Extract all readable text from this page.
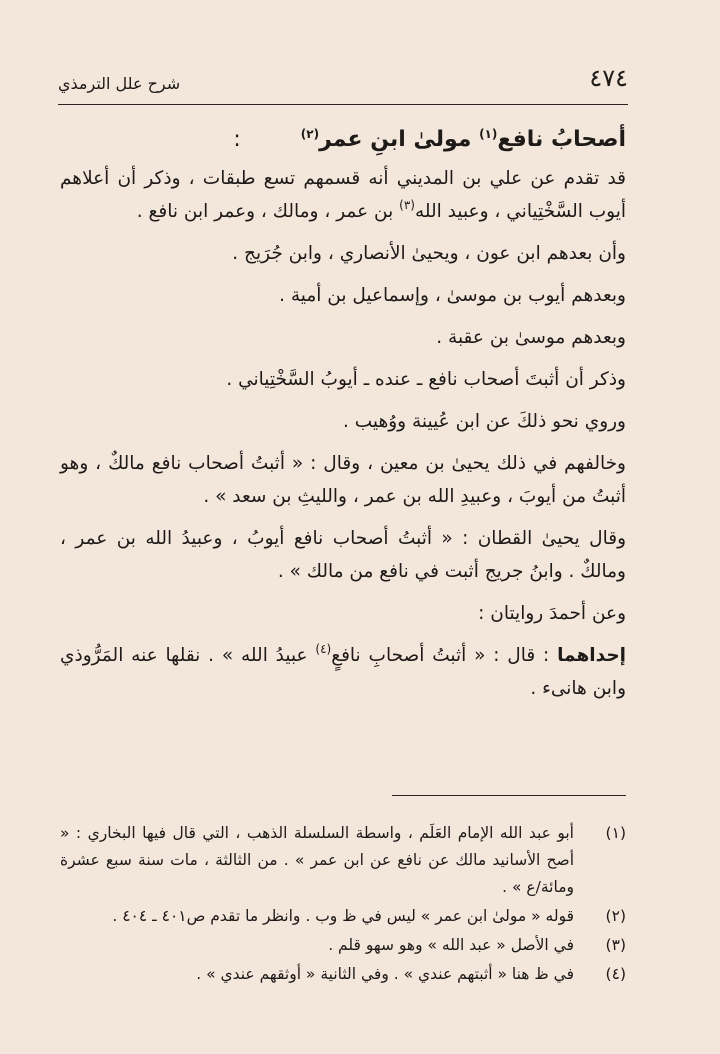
٤٧٤
شرح علل الترمذي
أصحابُ نافع$^{(١)}$ مولىٰ ابنِ عمر$^{(٢)}$:

قد تقدم عن علي بن المديني أنه قسمهم تسع طبقات ، وذكر أن أعلاهم أيوب السَّخْتِياني ، وعبيد الله$^{(٣)}$ بن عمر ، ومالك ، وعمر ابن نافع .

وأن بعدهم ابن عون ، ويحيىٰ الأنصاري ، وابن جُرَيج .

وبعدهم أيوب بن موسىٰ ، وإسماعيل بن أمية .

وبعدهم موسىٰ بن عقبة .

وذكر أن أثبتَ أصحاب نافع ـ عنده ـ أيوبُ السَّخْتِياني .

وروي نحو ذلكَ عن ابن عُيينة ووُهيب .

وخالفهم في ذلك يحيىٰ بن معين ، وقال : « أثبتُ أصحاب نافع مالكٌ ، وهو أثبتُ من أيوبَ ، وعبيدِ الله بن عمر ، والليثِ بن سعد » .

وقال يحيىٰ القطان : « أثبتُ أصحاب نافع أيوبُ ، وعبيدُ الله بن عمر ، ومالكٌ . وابنُ جريج أثبت في نافع من مالك » .

وعن أحمدَ روايتان :

إحداهما : قال : « أثبتُ أصحابِ نافعٍ$^{(٤)}$ عبيدُ الله » . نقلها عنه المَرُّوذي وابن هانىء .

(١)
أبو عبد الله الإمام العَلَم ، واسطة السلسلة الذهب ، التي قال فيها البخاري : « أصح الأسانيد مالك عن نافع عن ابن عمر » . من الثالثة ، مات سنة سبع عشرة ومائة/ع » .
(٢)
قوله « مولىٰ ابن عمر » ليس في ظ وب . وانظر ما تقدم ص٤٠١ ـ ٤٠٤ .
(٣)
في الأصل « عبد الله » وهو سهو قلم .
(٤)
في ظ هنا « أثبتهم عندي » . وفي الثانية « أوثقهم عندي » .
